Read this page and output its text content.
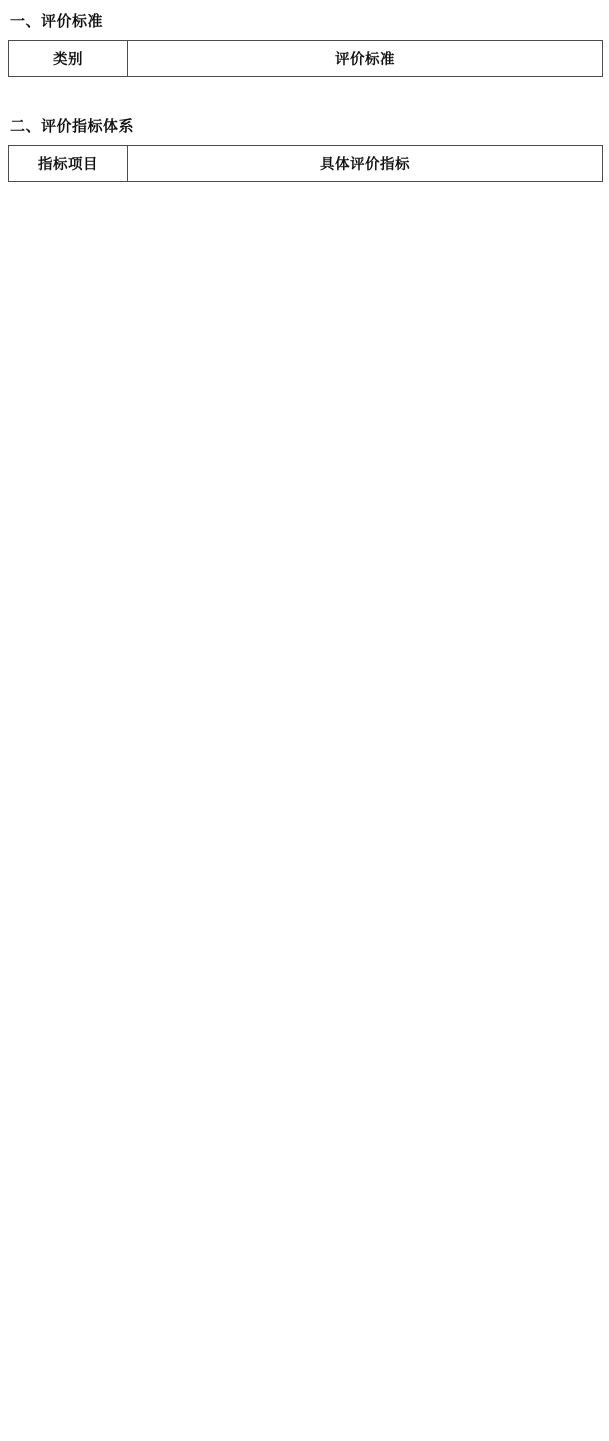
一、评价标准
类别	评价标准
二、评价指标体系
指标项目	具体评价指标
